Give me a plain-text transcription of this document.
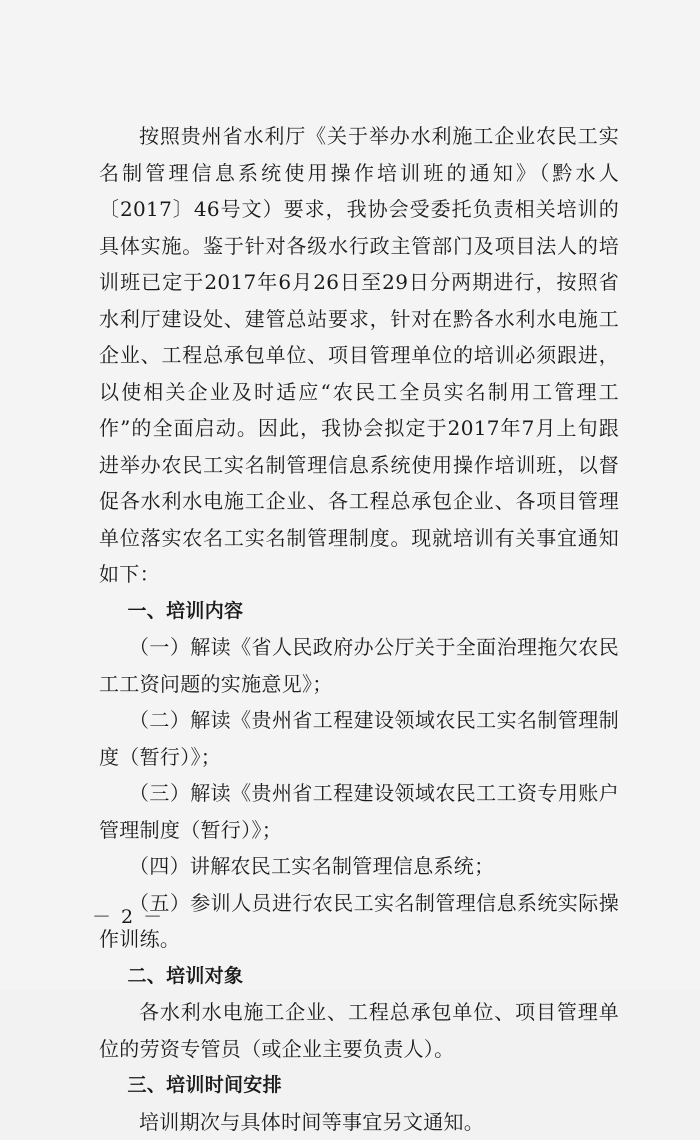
按照贵州省水利厅《关于举办水利施工企业农民工实名制管理信息系统使用操作培训班的通知》（黔水人〔2017〕46号文）要求，我协会受委托负责相关培训的具体实施。鉴于针对各级水行政主管部门及项目法人的培训班已定于2017年6月26日至29日分两期进行，按照省水利厅建设处、建管总站要求，针对在黔各水利水电施工企业、工程总承包单位、项目管理单位的培训必须跟进，以使相关企业及时适应“农民工全员实名制用工管理工作”的全面启动。因此，我协会拟定于2017年7月上旬跟进举办农民工实名制管理信息系统使用操作培训班，以督促各水利水电施工企业、各工程总承包企业、各项目管理单位落实农名工实名制管理制度。现就培训有关事宜通知如下：

一、培训内容

（一）解读《省人民政府办公厅关于全面治理拖欠农民工工资问题的实施意见》；

（二）解读《贵州省工程建设领域农民工实名制管理制度（暂行）》；

（三）解读《贵州省工程建设领域农民工工资专用账户管理制度（暂行）》；

（四）讲解农民工实名制管理信息系统；

（五）参训人员进行农民工实名制管理信息系统实际操作训练。

二、培训对象

各水利水电施工企业、工程总承包单位、项目管理单位的劳资专管员（或企业主要负责人）。

三、培训时间安排

培训期次与具体时间等事宜另文通知。

－ 2 －
